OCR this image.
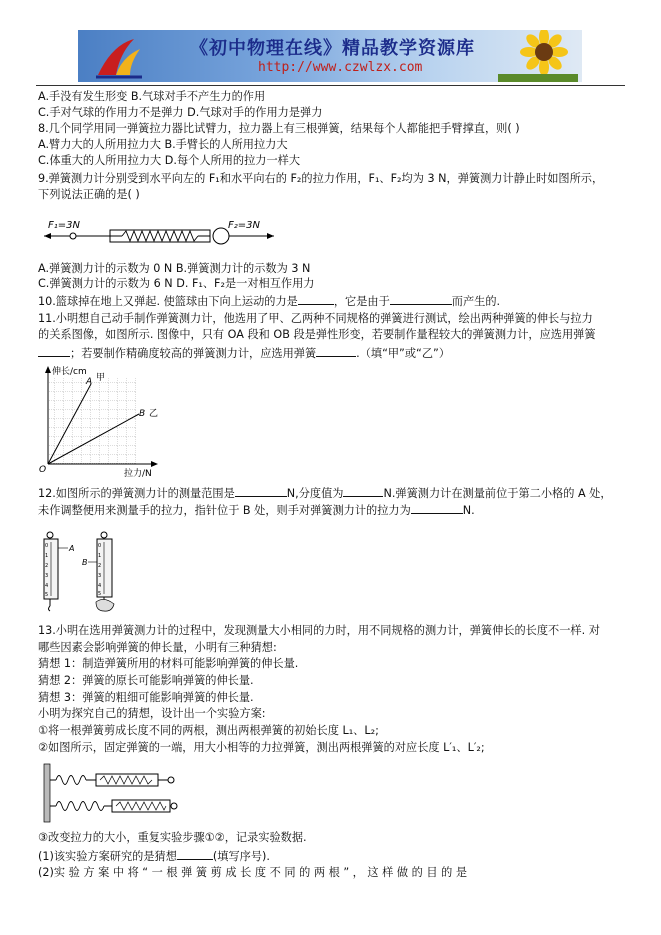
《初中物理在线》精品教学资源库
http://www.czwlzx.com
A.手没有发生形变 B.气球对手不产生力的作用
C.手对气球的作用力不是弹力 D.气球对手的作用力是弹力
8.几个同学用同一弹簧拉力器比试臂力，拉力器上有三根弹簧，结果每个人都能把手臂撑直，则( )
A.臂力大的人所用拉力大 B.手臂长的人所用拉力大
C.体重大的人所用拉力大 D.每个人所用的拉力一样大
9.弹簧测力计分别受到水平向左的 F₁和水平向右的 F₂的拉力作用，F₁、F₂均为 3 N，弹簧测力计静止时如图所示，
下列说法正确的是( )
A.弹簧测力计的示数为 0 N B.弹簧测力计的示数为 3 N
C.弹簧测力计的示数为 6 N D. F₁、F₂是一对相互作用力
F₁=3N	F₂=3N
10.篮球掉在地上又弹起. 使篮球由下向上运动的力是	，它是由于	而产生的.
11.小明想自己动手制作弹簧测力计，他选用了甲、乙两种不同规格的弹簧进行测试，绘出两种弹簧的伸长与拉力
的关系图像，如图所示. 图像中，只有 OA 段和 OB 段是弹性形变，若要制作量程较大的弹簧测力计，应选用弹簧
；若要制作精确度较高的弹簧测力计，应选用弹簧	.（填“甲”或“乙”）
伸长/cm
拉力/N
O
A 甲
B 乙
12.如图所示的弹簧测力计的测量范围是	N,分度值为	N.弹簧测力计在测量前位于第二小格的 A 处，
未作调整便用来测量手的拉力，指针位于 B 处，则手对弹簧测力计的拉力为	N.
0
1
2
3
4
5
A	0
1
2
3
4
5
B
13.小明在选用弹簧测力计的过程中，发现测量大小相同的力时，用不同规格的测力计，弹簧伸长的长度不一样. 对
哪些因素会影响弹簧的伸长量，小明有三种猜想:
猜想 1：制造弹簧所用的材料可能影响弹簧的伸长量.
猜想 2：弹簧的原长可能影响弹簧的伸长量.
猜想 3：弹簧的粗细可能影响弹簧的伸长量.
小明为探究自己的猜想，设计出一个实验方案:
①将一根弹簧剪成长度不同的两根，测出两根弹簧的初始长度 L₁、L₂;
②如图所示，固定弹簧的一端，用大小相等的力拉弹簧，测出两根弹簧的对应长度 L′₁、L′₂;
③改变拉力的大小，重复实验步骤①②，记录实验数据.
(1)该实验方案研究的是猜想	(填写序号).
(2)实 验 方 案 中 将 “ 一 根 弹 簧 剪 成 长 度 不 同 的 两 根 ” ， 这 样 做 的 目 的 是
